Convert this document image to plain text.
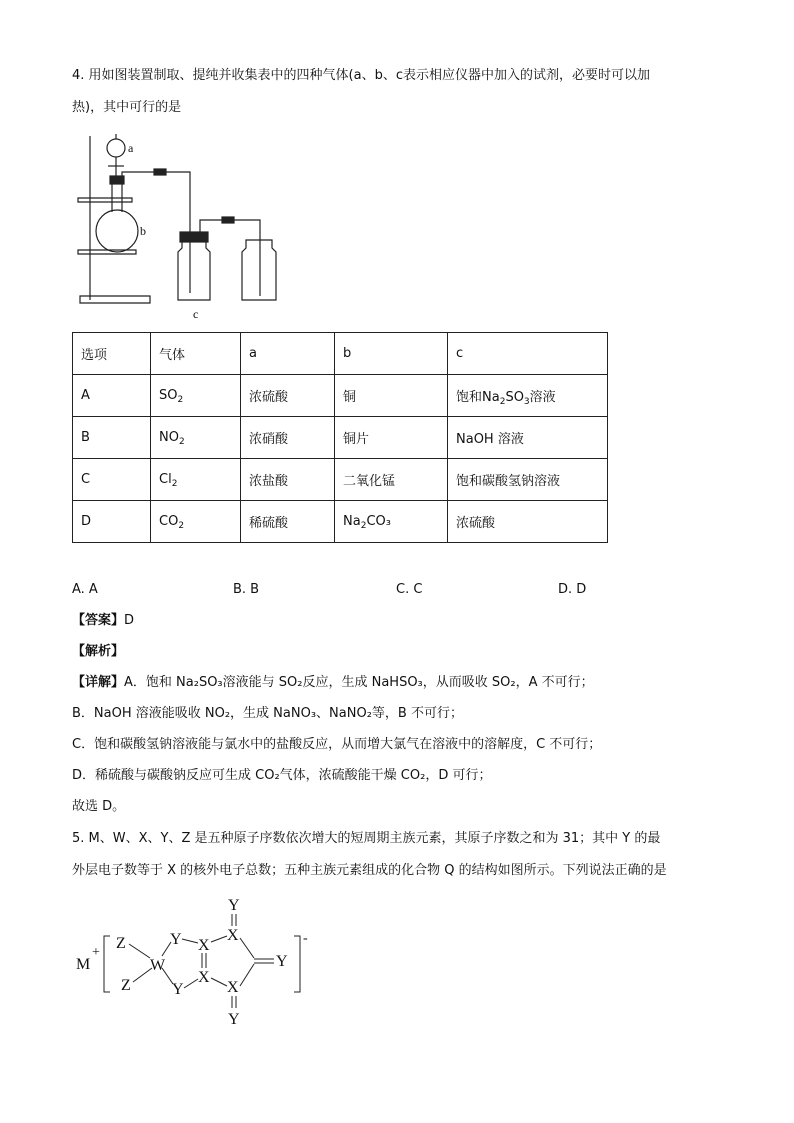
4. 用如图装置制取、提纯并收集表中的四种气体(a、b、c表示相应仪器中加入的试剂，必要时可以加
热)，其中可行的是
a
b
c
选项	气体	a	b	c
A	$SO_2$	浓硫酸	铜	饱和$Na_2SO_3$溶液
B	$NO_2$	浓硝酸	铜片	NaOH 溶液
C	$Cl_2$	浓盐酸	二氧化锰	饱和碳酸氢钠溶液
D	$CO_2$	稀硫酸	$Na_2CO_3$	浓硫酸
A. A	B. B	C. C	D. D
【答案】D
【解析】
【详解】A．饱和 Na₂SO₃溶液能与 SO₂反应，生成 NaHSO₃，从而吸收 SO₂，A 不可行；
B．NaOH 溶液能吸收 NO₂，生成 NaNO₃、NaNO₂等，B 不可行；
C．饱和碳酸氢钠溶液能与氯水中的盐酸反应，从而增大氯气在溶液中的溶解度，C 不可行；
D．稀硫酸与碳酸钠反应可生成 CO₂气体，浓硫酸能干燥 CO₂，D 可行；
故选 D。
5. M、W、X、Y、Z 是五种原子序数依次增大的短周期主族元素，其原子序数之和为 31；其中 Y 的最
外层电子数等于 X 的核外电子总数；五种主族元素组成的化合物 Q 的结构如图所示。下列说法正确的是
M
+
-
Z
Z
W
Y
Y
X
X
X
X
Y
Y
Y
